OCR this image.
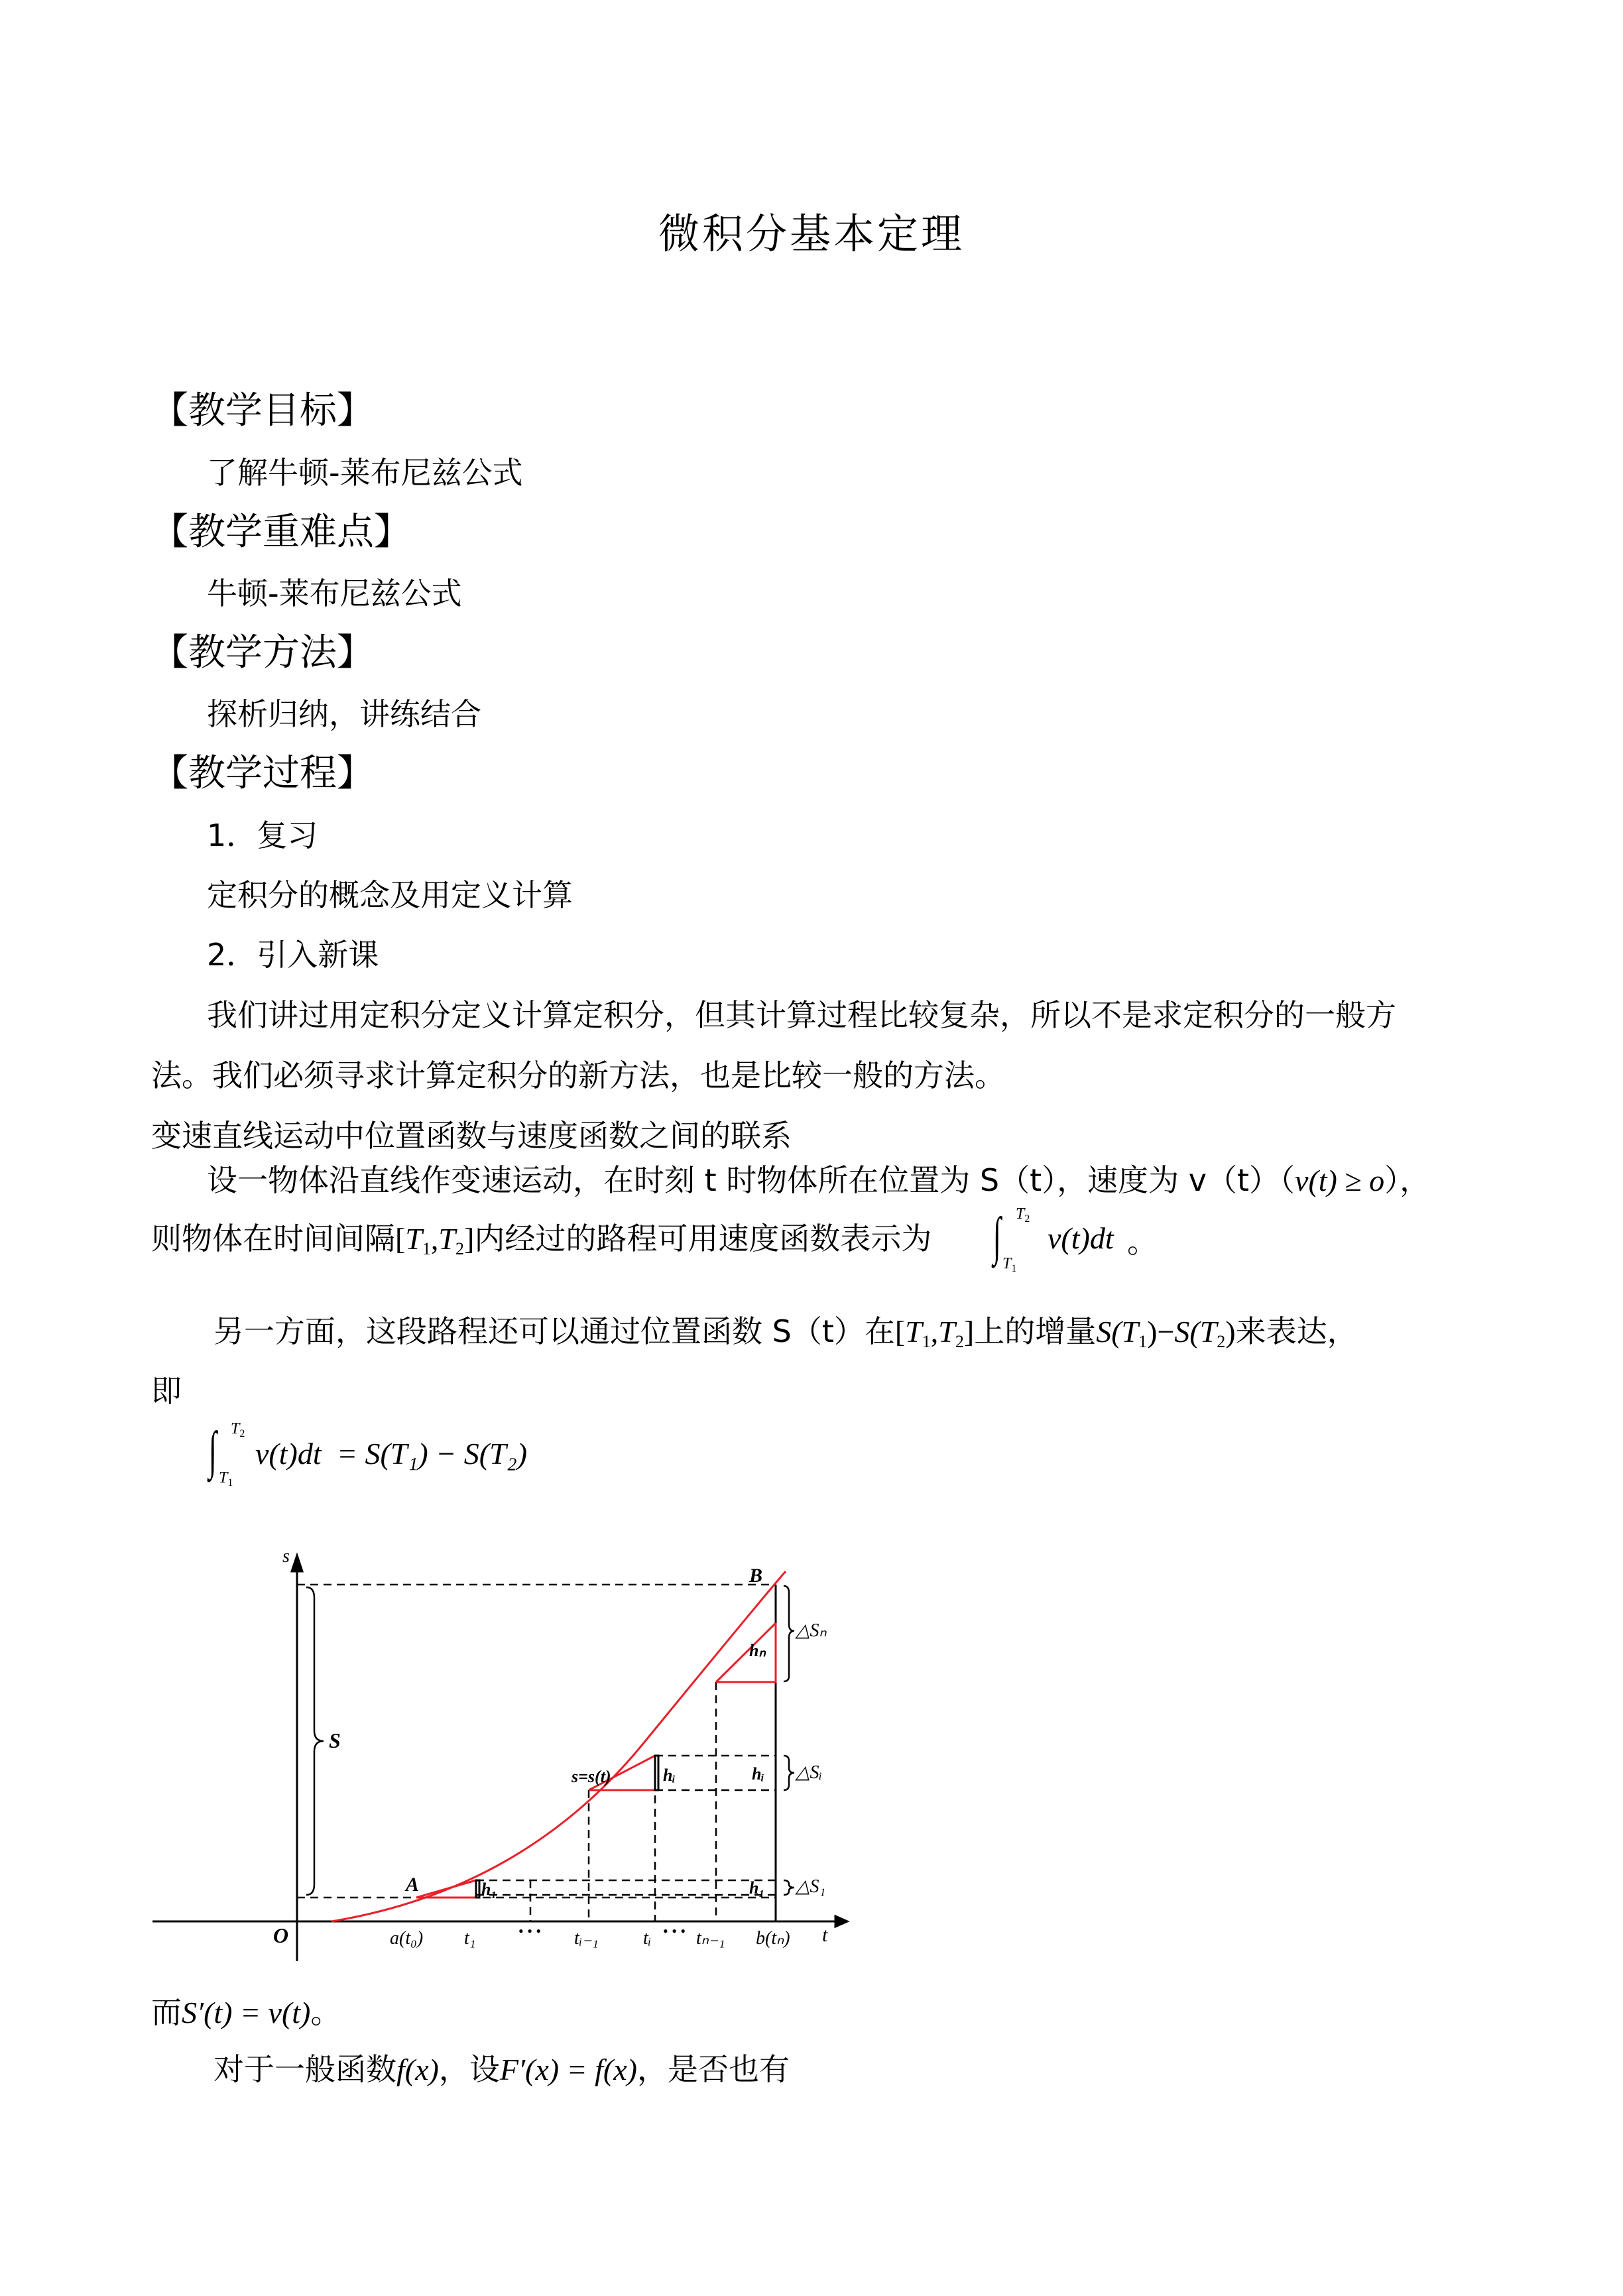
微积分基本定理
【教学目标】
了解牛顿-莱布尼兹公式
【教学重难点】
牛顿-莱布尼兹公式
【教学方法】
探析归纳，讲练结合
【教学过程】
1．复习
定积分的概念及用定义计算
2．引入新课
我们讲过用定积分定义计算定积分，但其计算过程比较复杂，所以不是求定积分的一般方
法。我们必须寻求计算定积分的新方法，也是比较一般的方法。
变速直线运动中位置函数与速度函数之间的联系
设一物体沿直线作变速运动，在时刻 t 时物体所在位置为 S（t），速度为 v（t）（v(t) ≥ o），
则物体在时间间隔$[T_1,T_2]$内经过的路程可用速度函数表示为 ∫ $T_2$
$T_1$
v(t)dt 。
另一方面，这段路程还可以通过位置函数 S（t）在$[T_1,T_2]$上的增量$S(T_1)-S(T_2)$来表达，
即
∫ $T_2$
$T_1$
v(t)dt = S(T₁) − S(T₂)
s
t
O
A
B
s=s(t)
S
a(t₀) t₁	• • • tᵢ₋₁ tᵢ • • • tₙ₋₁ b(tₙ)
h₁
hᵢ
hₙ
h₁
hᵢ
△S₁
△Sᵢ
△Sₙ
而S′(t) = v(t)。
对于一般函数f(x)，设F′(x) = f(x)，是否也有
